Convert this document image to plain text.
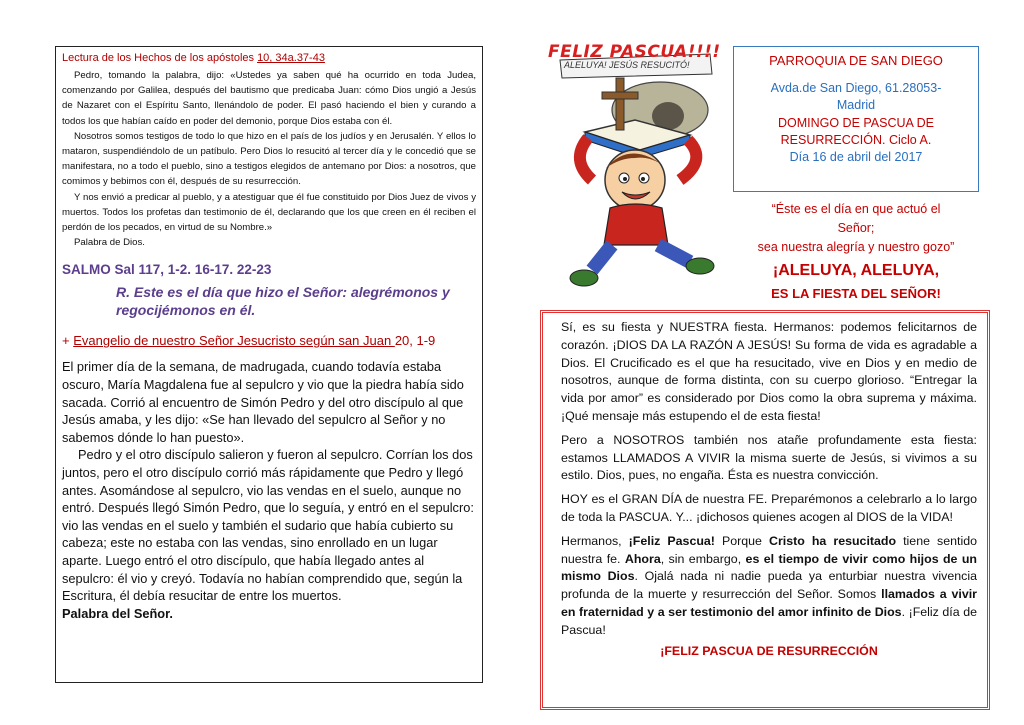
Lectura de los Hechos de los apóstoles 10, 34a.37-43

Pedro, tomando la palabra, dijo: «Ustedes ya saben qué ha ocurrido en toda Judea, comenzando por Galilea, después del bautismo que predicaba Juan: cómo Dios ungió a Jesús de Nazaret con el Espíritu Santo, llenándolo de poder. El pasó haciendo el bien y curando a todos los que habían caído en poder del demonio, porque Dios estaba con él.

Nosotros somos testigos de todo lo que hizo en el país de los judíos y en Jerusalén. Y ellos lo mataron, suspendiéndolo de un patíbulo. Pero Dios lo resucitó al tercer día y le concedió que se manifestara, no a todo el pueblo, sino a testigos elegidos de antemano por Dios: a nosotros, que comimos y bebimos con él, después de su resurrección.

Y nos envió a predicar al pueblo, y a atestiguar que él fue constituido por Dios Juez de vivos y muertos. Todos los profetas dan testimonio de él, declarando que los que creen en él reciben el perdón de los pecados, en virtud de su Nombre.»

Palabra de Dios.

SALMO Sal 117, 1-2. 16-17. 22-23
R. Este es el día que hizo el Señor: alegrémonos y regocijémonos en él.
+ Evangelio de nuestro Señor Jesucristo según san Juan 20, 1-9

El primer día de la semana, de madrugada, cuando todavía estaba oscuro, María Magdalena fue al sepulcro y vio que la piedra había sido sacada. Corrió al encuentro de Simón Pedro y del otro discípulo al que Jesús amaba, y les dijo: «Se han llevado del sepulcro al Señor y no sabemos dónde lo han puesto».

Pedro y el otro discípulo salieron y fueron al sepulcro. Corrían los dos juntos, pero el otro discípulo corrió más rápidamente que Pedro y llegó antes. Asomándose al sepulcro, vio las vendas en el suelo, aunque no entró. Después llegó Simón Pedro, que lo seguía, y entró en el sepulcro: vio las vendas en el suelo y también el sudario que había cubierto su cabeza; este no estaba con las vendas, sino enrollado en un lugar aparte. Luego entró el otro discípulo, que había llegado antes al sepulcro: él vio y creyó. Todavía no habían comprendido que, según la Escritura, él debía resucitar de entre los muertos.

Palabra del Señor.

FELIZ PASCUA!!!!
ALELUYA! JESÚS RESUCITÓ!	PARROQUIA DE SAN DIEGO
Avda.de San Diego, 61.28053-
Madrid
DOMINGO DE PASCUA DE
RESURRECCIÓN. Ciclo A.
Día 16 de abril del 2017
“Éste es el día en que actuó el
Señor;
sea nuestra alegría y nuestro gozo”
¡ALELUYA, ALELUYA,
ES LA FIESTA DEL SEÑOR!

Sí, es su fiesta y NUESTRA fiesta. Hermanos: podemos felicitarnos de corazón. ¡DIOS DA LA RAZÓN A JESÚS! Su forma de vida es agradable a Dios. El Crucificado es el que ha resucitado, vive en Dios y en medio de nosotros, aunque de forma distinta, con su cuerpo glorioso. “Entregar la vida por amor” es considerado por Dios como la obra suprema y máxima. ¡Qué mensaje más estupendo el de esta fiesta!

Pero a NOSOTROS también nos atañe profundamente esta fiesta: estamos LLAMADOS A VIVIR la misma suerte de Jesús, si vivimos a su estilo. Dios, pues, no engaña. Ésta es nuestra convicción.

HOY es el GRAN DÍA de nuestra FE. Preparémonos a celebrarlo a lo largo de toda la PASCUA. Y... ¡dichosos quienes acogen al DIOS de la VIDA!

Hermanos, ¡Feliz Pascua! Porque Cristo ha resucitado tiene sentido nuestra fe. Ahora, sin embargo, es el tiempo de vivir como hijos de un mismo Dios. Ojalá nada ni nadie pueda ya enturbiar nuestra vivencia profunda de la muerte y resurrección del Señor. Somos llamados a vivir en fraternidad y a ser testimonio del amor infinito de Dios. ¡Feliz día de Pascua!

¡FELIZ PASCUA DE RESURRECCIÓN
